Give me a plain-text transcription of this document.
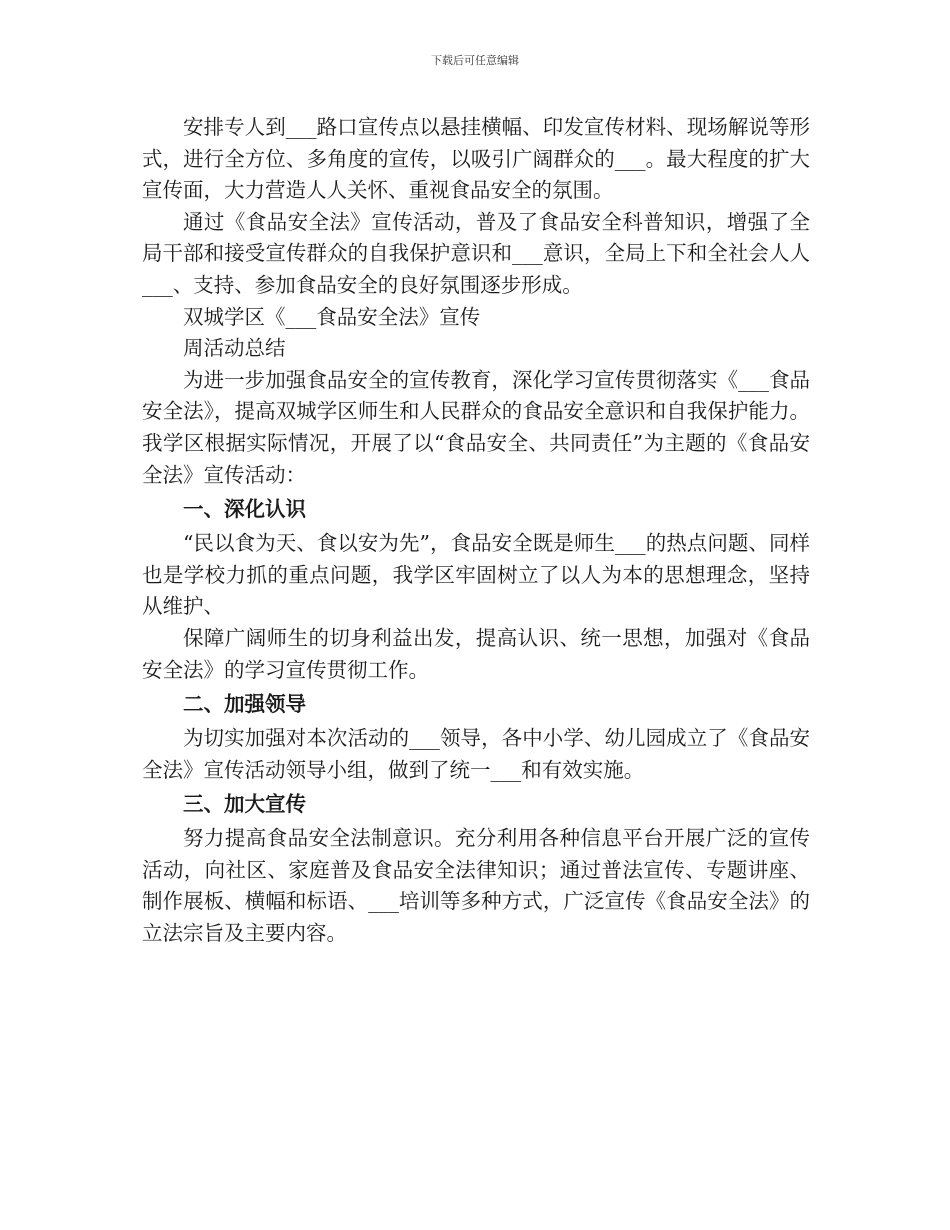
下载后可任意编辑

安排专人到___路口宣传点以悬挂横幅、印发宣传材料、现场解说等形式，进行全方位、多角度的宣传，以吸引广阔群众的___。最大程度的扩大宣传面，大力营造人人关怀、重视食品安全的氛围。

通过《食品安全法》宣传活动，普及了食品安全科普知识，增强了全局干部和接受宣传群众的自我保护意识和___意识，全局上下和全社会人人___、支持、参加食品安全的良好氛围逐步形成。

双城学区《___食品安全法》宣传

周活动总结

为进一步加强食品安全的宣传教育，深化学习宣传贯彻落实《___食品安全法》，提高双城学区师生和人民群众的食品安全意识和自我保护能力。我学区根据实际情况，开展了以“食品安全、共同责任”为主题的《食品安全法》宣传活动：

一、深化认识

“民以食为天、食以安为先”，食品安全既是师生___的热点问题、同样也是学校力抓的重点问题，我学区牢固树立了以人为本的思想理念，坚持从维护、

保障广阔师生的切身利益出发，提高认识、统一思想，加强对《食品安全法》的学习宣传贯彻工作。

二、加强领导

为切实加强对本次活动的___领导，各中小学、幼儿园成立了《食品安全法》宣传活动领导小组，做到了统一___和有效实施。

三、加大宣传

努力提高食品安全法制意识。充分利用各种信息平台开展广泛的宣传活动，向社区、家庭普及食品安全法律知识；通过普法宣传、专题讲座、制作展板、横幅和标语、___培训等多种方式，广泛宣传《食品安全法》的立法宗旨及主要内容。
